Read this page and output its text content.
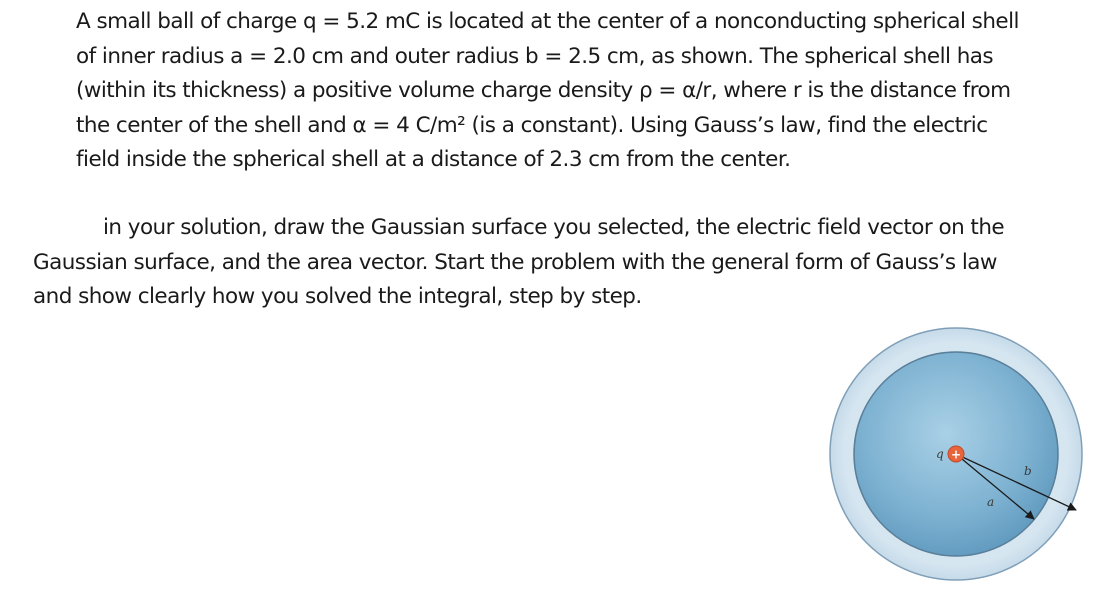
A small ball of charge q = 5.2 mC is located at the center of a nonconducting spherical shell
of inner radius a = 2.0 cm and outer radius b = 2.5 cm, as shown. The spherical shell has
(within its thickness) a positive volume charge density ρ = α/r, where r is the distance from
the center of the shell and α = 4 C/m² (is a constant). Using Gauss’s law, find the electric
field inside the spherical shell at a distance of 2.3 cm from the center.
in your solution, draw the Gaussian surface you selected, the electric field vector on the
Gaussian surface, and the area vector. Start the problem with the general form of Gauss’s law
and show clearly how you solved the integral, step by step.
+
q
a
b
